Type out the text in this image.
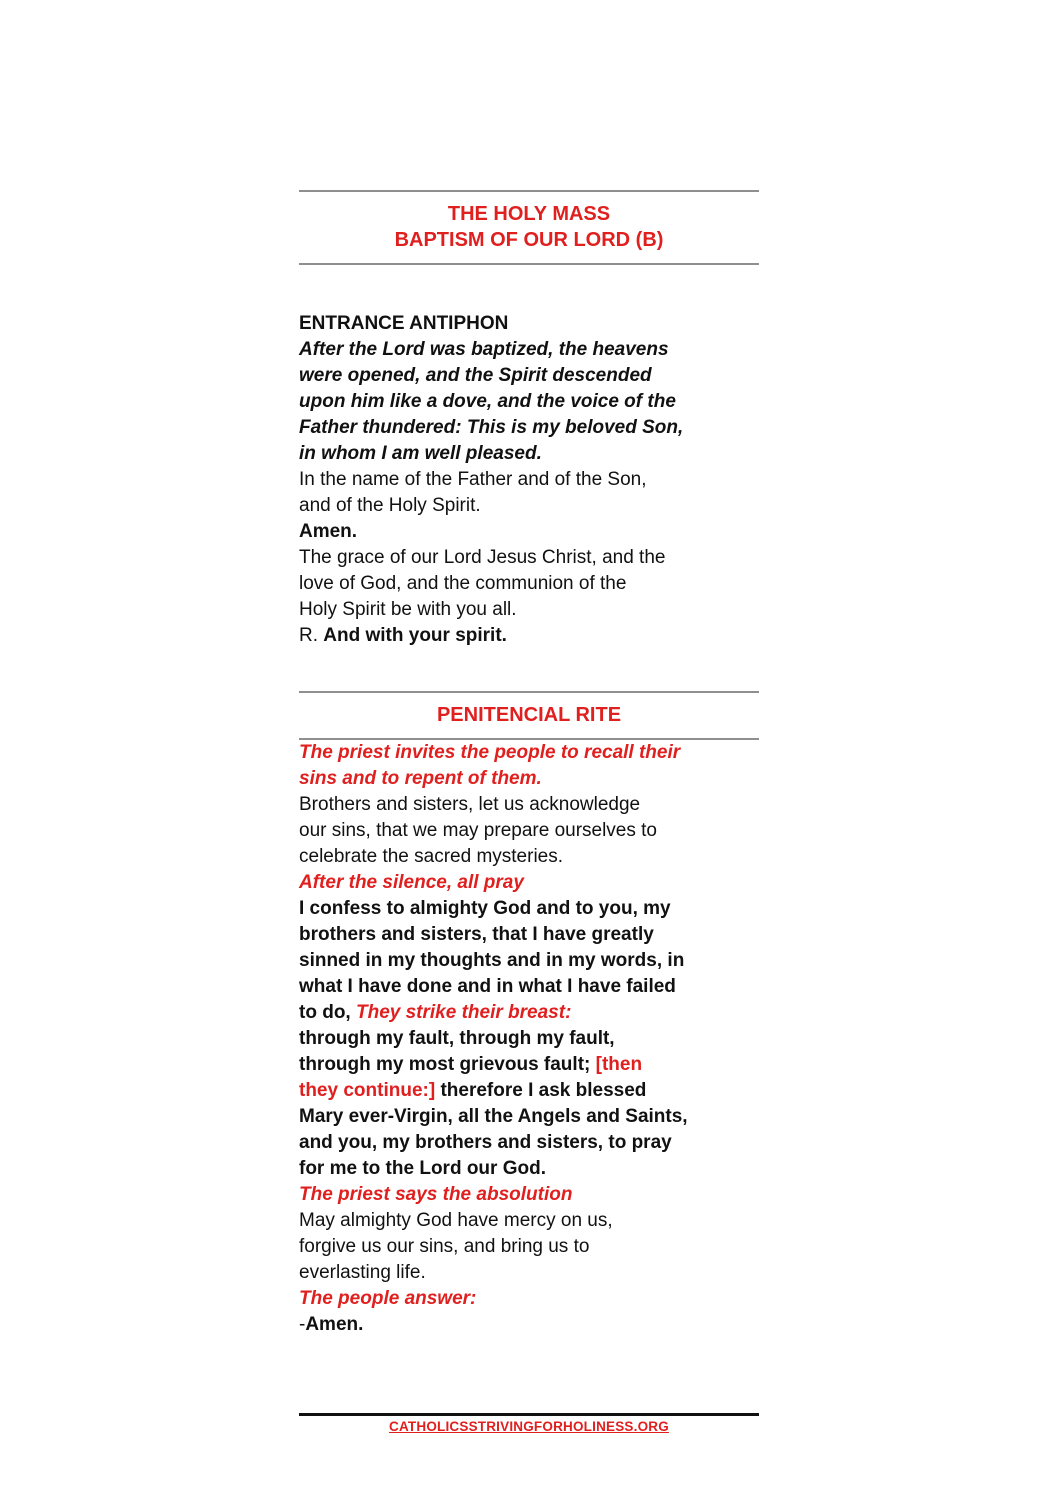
THE HOLY MASS
BAPTISM OF OUR LORD (B)
ENTRANCE ANTIPHON

After the Lord was baptized, the heavens
were opened, and the Spirit descended
upon him like a dove, and the voice of the
Father thundered: This is my beloved Son,
in whom I am well pleased.

In the name of the Father and of the Son,
and of the Holy Spirit.
Amen.
The grace of our Lord Jesus Christ, and the
love of God, and the communion of the
Holy Spirit be with you all.
R. And with your spirit.

PENITENCIAL RITE

The priest invites the people to recall their
sins and to repent of them.
Brothers and sisters, let us acknowledge
our sins, that we may prepare ourselves to
celebrate the sacred mysteries.
After the silence, all pray
I confess to almighty God and to you, my
brothers and sisters, that I have greatly
sinned in my thoughts and in my words, in
what I have done and in what I have failed
to do, They strike their breast:
through my fault, through my fault,
through my most grievous fault; [then
they continue:] therefore I ask blessed
Mary ever-Virgin, all the Angels and Saints,
and you, my brothers and sisters, to pray
for me to the Lord our God.
The priest says the absolution
May almighty God have mercy on us,
forgive us our sins, and bring us to
everlasting life.
The people answer:
-Amen.

CATHOLICSSTRIVINGFORHOLINESS.ORG
